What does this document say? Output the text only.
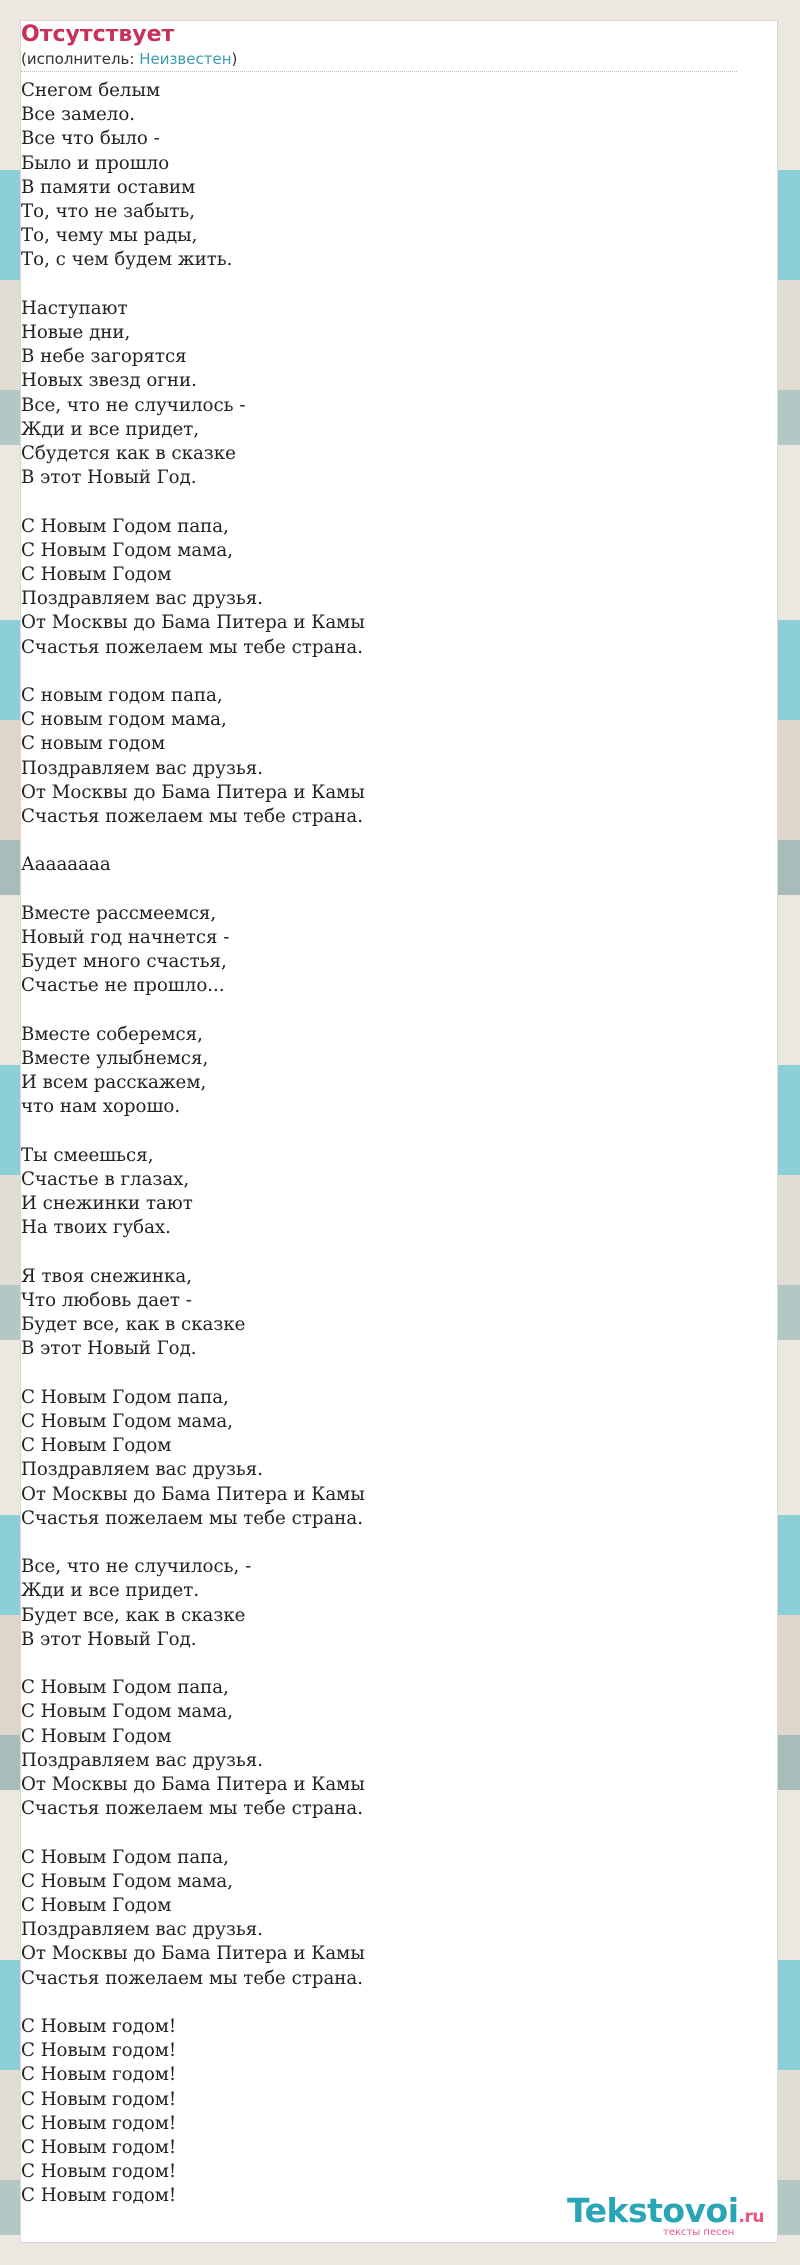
Отсутствует
(исполнитель: Неизвестен)
Снегом белым
Все замело.
Все что было -
Было и прошло
В памяти оставим
То, что не забыть,
То, чему мы рады,
То, с чем будем жить.
Наступают
Новые дни,
В небе загорятся
Новых звезд огни.
Все, что не случилось -
Жди и все придет,
Сбудется как в сказке
В этот Новый Год.
С Новым Годом папа,
С Новым Годом мама,
С Новым Годом
Поздравляем вас друзья.
От Москвы до Бама Питера и Камы
Счастья пожелаем мы тебе страна.
С новым годом папа,
С новым годом мама,
С новым годом
Поздравляем вас друзья.
От Москвы до Бама Питера и Камы
Счастья пожелаем мы тебе страна.
Ааааaaaa
Вместе рассмеемся,
Новый год начнется -
Будет много счастья,
Счастье не прошло...
Вместе соберемся,
Вместе улыбнемся,
И всем расскажем,
что нам хорошо.
Ты смеешься,
Счастье в глазах,
И снежинки тают
На твоих губах.
Я твоя снежинка,
Что любовь дает -
Будет все, как в сказке
В этот Новый Год.
С Новым Годом папа,
С Новым Годом мама,
С Новым Годом
Поздравляем вас друзья.
От Москвы до Бама Питера и Камы
Счастья пожелаем мы тебе страна.
Все, что не случилось, -
Жди и все придет.
Будет все, как в сказке
В этот Новый Год.
С Новым Годом папа,
С Новым Годом мама,
С Новым Годом
Поздравляем вас друзья.
От Москвы до Бама Питера и Камы
Счастья пожелаем мы тебе страна.
С Новым Годом папа,
С Новым Годом мама,
С Новым Годом
Поздравляем вас друзья.
От Москвы до Бама Питера и Камы
Счастья пожелаем мы тебе страна.
С Новым годом!
С Новым годом!
С Новым годом!
С Новым годом!
С Новым годом!
С Новым годом!
С Новым годом!
С Новым годом!	Tekstovoi.ru
тексты песен
